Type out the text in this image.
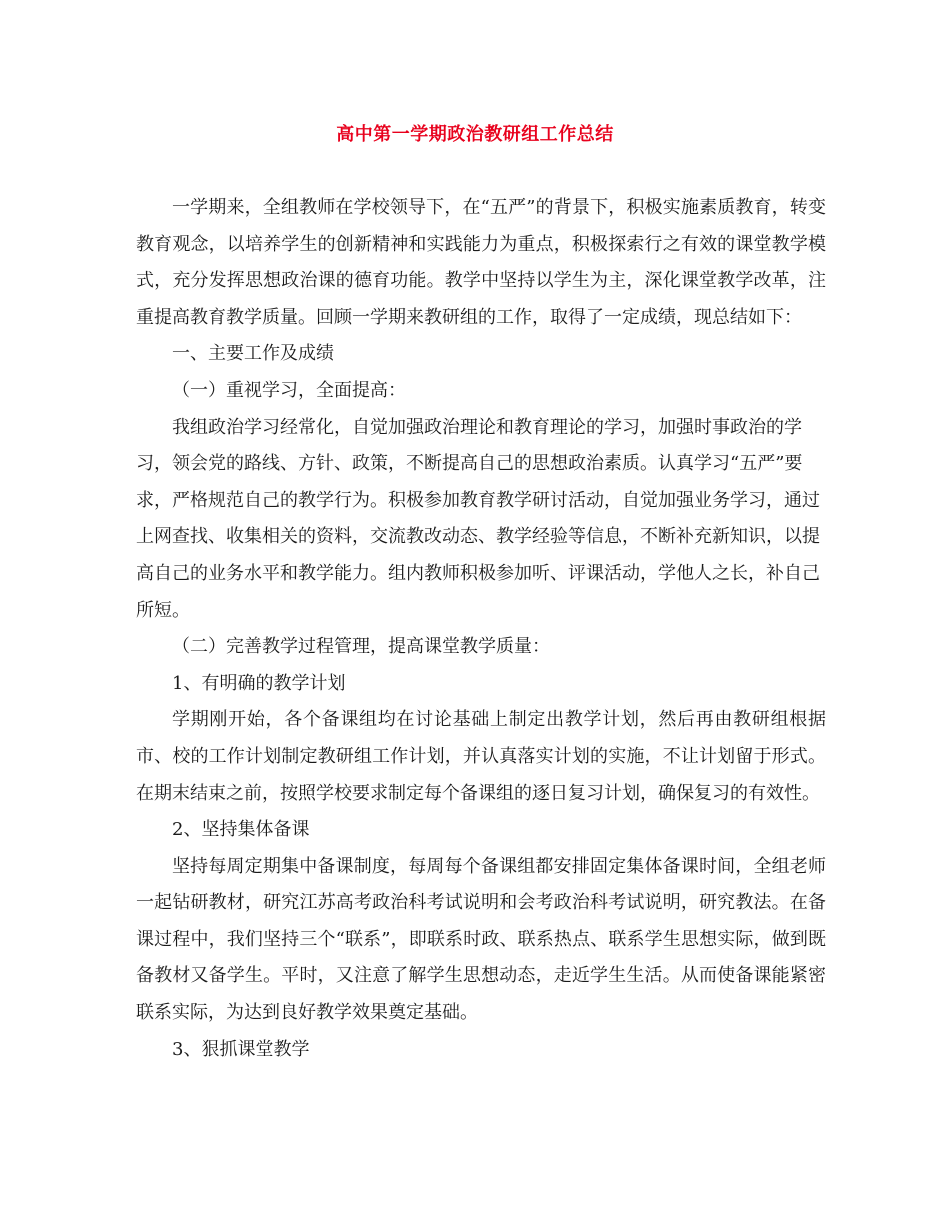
高中第一学期政治教研组工作总结

一学期来，全组教师在学校领导下，在“五严”的背景下，积极实施素质教育，转变教育观念，以培养学生的创新精神和实践能力为重点，积极探索行之有效的课堂教学模式，充分发挥思想政治课的德育功能。教学中坚持以学生为主，深化课堂教学改革，注重提高教育教学质量。回顾一学期来教研组的工作，取得了一定成绩，现总结如下：

一、主要工作及成绩

（一）重视学习，全面提高：

我组政治学习经常化，自觉加强政治理论和教育理论的学习，加强时事政治的学习，领会党的路线、方针、政策，不断提高自己的思想政治素质。认真学习“五严”要求，严格规范自己的教学行为。积极参加教育教学研讨活动，自觉加强业务学习，通过上网查找、收集相关的资料，交流教改动态、教学经验等信息，不断补充新知识，以提高自己的业务水平和教学能力。组内教师积极参加听、评课活动，学他人之长，补自己所短。

（二）完善教学过程管理，提高课堂教学质量：

1、有明确的教学计划

学期刚开始，各个备课组均在讨论基础上制定出教学计划，然后再由教研组根据市、校的工作计划制定教研组工作计划，并认真落实计划的实施，不让计划留于形式。在期末结束之前，按照学校要求制定每个备课组的逐日复习计划，确保复习的有效性。

2、坚持集体备课

坚持每周定期集中备课制度，每周每个备课组都安排固定集体备课时间，全组老师一起钻研教材，研究江苏高考政治科考试说明和会考政治科考试说明，研究教法。在备课过程中，我们坚持三个“联系”，即联系时政、联系热点、联系学生思想实际，做到既备教材又备学生。平时，又注意了解学生思想动态，走近学生生活。从而使备课能紧密联系实际，为达到良好教学效果奠定基础。

3、狠抓课堂教学
